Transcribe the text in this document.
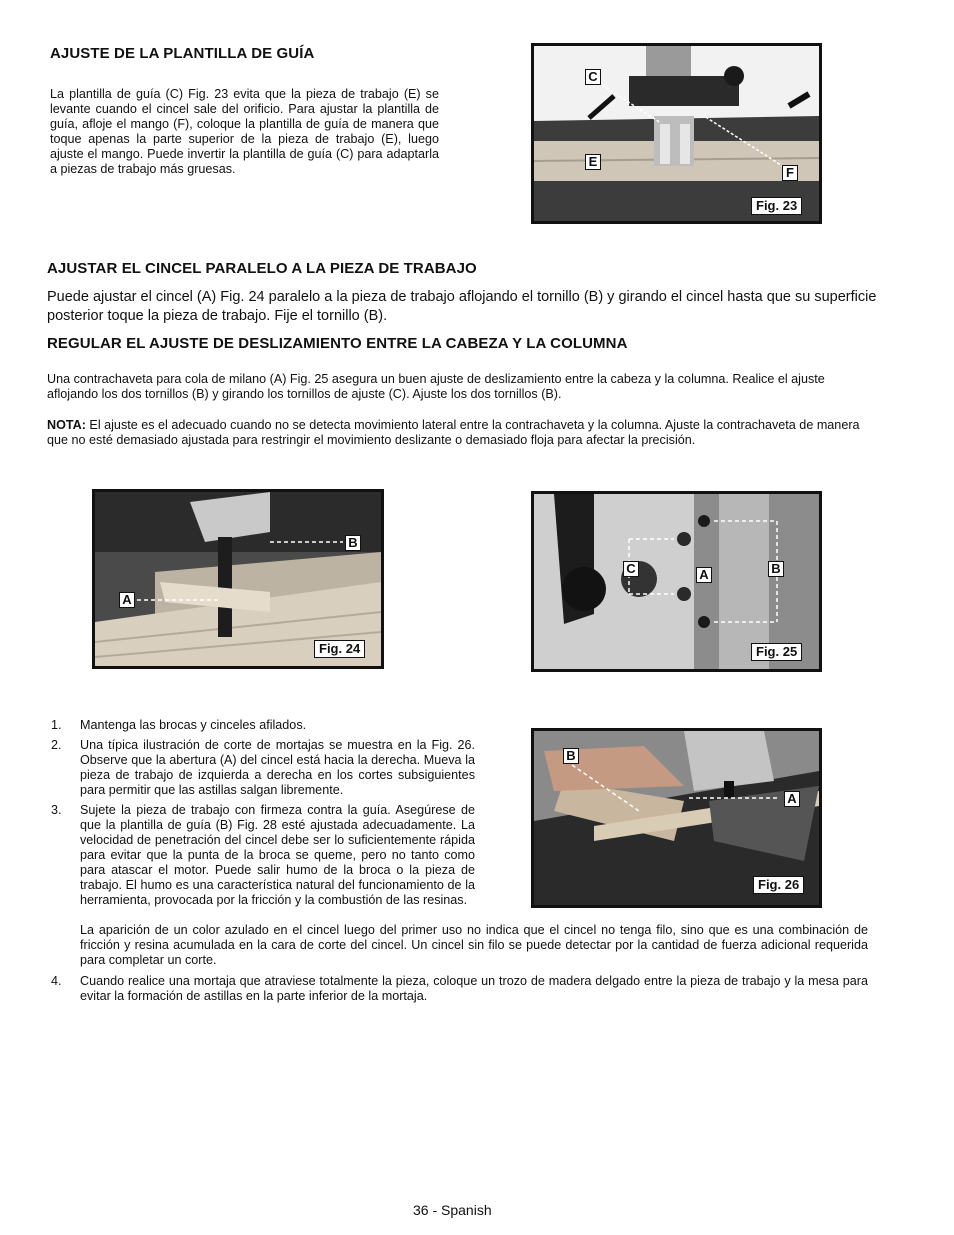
AJUSTE DE LA PLANTILLA DE GUÍA

La plantilla de guía (C) Fig. 23 evita que la pieza de trabajo (E) se levante cuando el cincel sale del orificio. Para ajustar la plantilla de guía, afloje el mango (F), coloque la plantilla de guía de manera que toque apenas la parte superior de la pieza de trabajo (E), luego ajuste el mango. Puede invertir la plantilla de guía (C) para adaptarla a piezas de trabajo más gruesas.

C
E
F
Fig. 23
AJUSTAR EL CINCEL PARALELO A LA PIEZA DE TRABAJO

Puede ajustar el cincel (A) Fig. 24 paralelo a la pieza de trabajo aflojando el tornillo (B) y girando el cincel hasta que su superficie posterior toque la pieza de trabajo. Fije el tornillo (B).

REGULAR EL AJUSTE DE DESLIZAMIENTO ENTRE LA CABEZA Y LA COLUMNA

Una contrachaveta para cola de milano (A) Fig. 25 asegura un buen ajuste de deslizamiento entre la cabeza y la columna. Realice el ajuste aflojando los dos tornillos (B) y girando los tornillos de ajuste (C). Ajuste los dos tornillos (B).

NOTA: El ajuste es el adecuado cuando no se detecta movimiento lateral entre la contrachaveta y la columna. Ajuste la contrachaveta de manera que no esté demasiado ajustada para restringir el movimiento deslizante o demasiado floja para afectar la precisión.

B
A
Fig. 24
C	A	B
Fig. 25
B
A
Fig. 26
1. Mantenga las brocas y cinceles afilados.
2. Una típica ilustración de corte de mortajas se muestra en la Fig. 26. Observe que la abertura (A) del cincel está hacia la derecha. Mueva la pieza de trabajo de izquierda a derecha en los cortes subsiguientes para permitir que las astillas salgan libremente.
3. Sujete la pieza de trabajo con firmeza contra la guía. Asegúrese de que la plantilla de guía (B) Fig. 28 esté ajustada adecuadamente. La velocidad de penetración del cincel debe ser lo suficientemente rápida para evitar que la punta de la broca se queme, pero no tanto como para atascar el motor. Puede salir humo de la broca o la pieza de trabajo. El humo es una característica natural del funcionamiento de la herramienta, provocada por la fricción y la combustión de las resinas.

La aparición de un color azulado en el cincel luego del primer uso no indica que el cincel no tenga filo, sino que es una combinación de fricción y resina acumulada en la cara de corte del cincel. Un cincel sin filo se puede detectar por la cantidad de fuerza adicional requerida para completar un corte.

4. Cuando realice una mortaja que atraviese totalmente la pieza, coloque un trozo de madera delgado entre la pieza de trabajo y la mesa para evitar la formación de astillas en la parte inferior de la mortaja.
36 - Spanish
